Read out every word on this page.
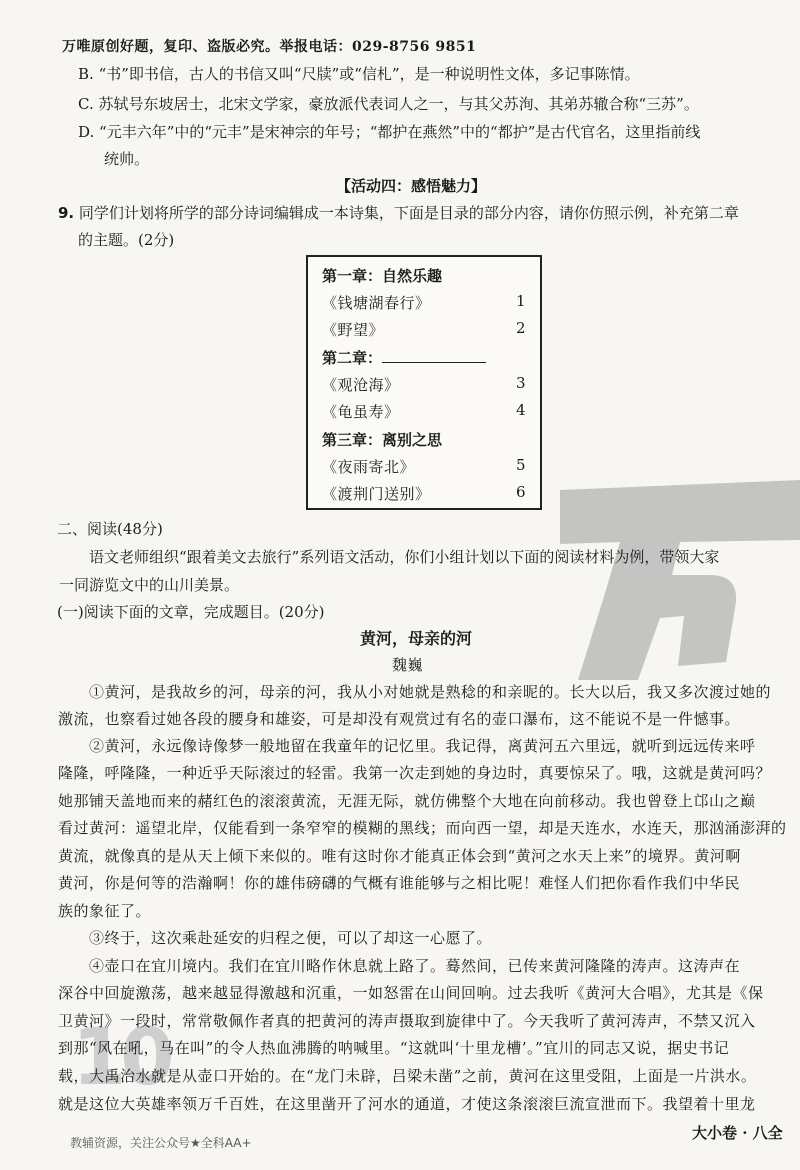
万唯原创好题，复印、盗版必究。举报电话：029-8756 9851
B. “书”即书信，古人的书信又叫“尺牍”或“信札”，是一种说明性文体，多记事陈情。
C. 苏轼号东坡居士，北宋文学家，豪放派代表词人之一，与其父苏洵、其弟苏辙合称“三苏”。
D. “元丰六年”中的“元丰”是宋神宗的年号；“都护在燕然”中的“都护”是古代官名，这里指前线
统帅。
【活动四：感悟魅力】
9. 同学们计划将所学的部分诗词编辑成一本诗集，下面是目录的部分内容，请你仿照示例，补充第二章
的主题。(2分)
第一章：自然乐趣
《钱塘湖春行》	1
《野望》	2
第二章：
《观沧海》	3
《龟虽寿》	4
第三章：离别之思
《夜雨寄北》	5
《渡荆门送别》	6
二、阅读(48分)
语文老师组织“跟着美文去旅行”系列语文活动，你们小组计划以下面的阅读材料为例，带领大家
一同游览文中的山川美景。
(一)阅读下面的文章，完成题目。(20分)
黄河，母亲的河
魏巍
①黄河，是我故乡的河，母亲的河，我从小对她就是熟稔的和亲昵的。长大以后，我又多次渡过她的
激流，也察看过她各段的腰身和雄姿，可是却没有观赏过有名的壶口瀑布，这不能说不是一件憾事。
②黄河，永远像诗像梦一般地留在我童年的记忆里。我记得，离黄河五六里远，就听到远远传来呼
隆隆，呼隆隆，一种近乎天际滚过的轻雷。我第一次走到她的身边时，真要惊呆了。哦，这就是黄河吗？
她那铺天盖地而来的赭红色的滚滚黄流，无涯无际，就仿佛整个大地在向前移动。我也曾登上邙山之巅
看过黄河：遥望北岸，仅能看到一条窄窄的模糊的黑线；而向西一望，却是天连水，水连天，那汹涌澎湃的
黄流，就像真的是从天上倾下来似的。唯有这时你才能真正体会到“黄河之水天上来”的境界。黄河啊
黄河，你是何等的浩瀚啊！你的雄伟磅礴的气概有谁能够与之相比呢！难怪人们把你看作我们中华民
族的象征了。
③终于，这次乘赴延安的归程之便，可以了却这一心愿了。
10
④壶口在宜川境内。我们在宜川略作休息就上路了。蓦然间，已传来黄河隆隆的涛声。这涛声在
深谷中回旋激荡，越来越显得激越和沉重，一如怒雷在山间回响。过去我听《黄河大合唱》，尤其是《保
卫黄河》一段时，常常敬佩作者真的把黄河的涛声摄取到旋律中了。今天我听了黄河涛声，不禁又沉入
到那“风在吼，马在叫”的令人热血沸腾的呐喊里。“这就叫‘十里龙槽’。”宜川的同志又说，据史书记
载，大禹治水就是从壶口开始的。在“龙门未辟，吕梁未凿”之前，黄河在这里受阻，上面是一片洪水。
就是这位大英雄率领万千百姓，在这里凿开了河水的通道，才使这条滚滚巨流宣泄而下。我望着十里龙
教辅资源，关注公众号★全科AA+
大小卷 · 八全
